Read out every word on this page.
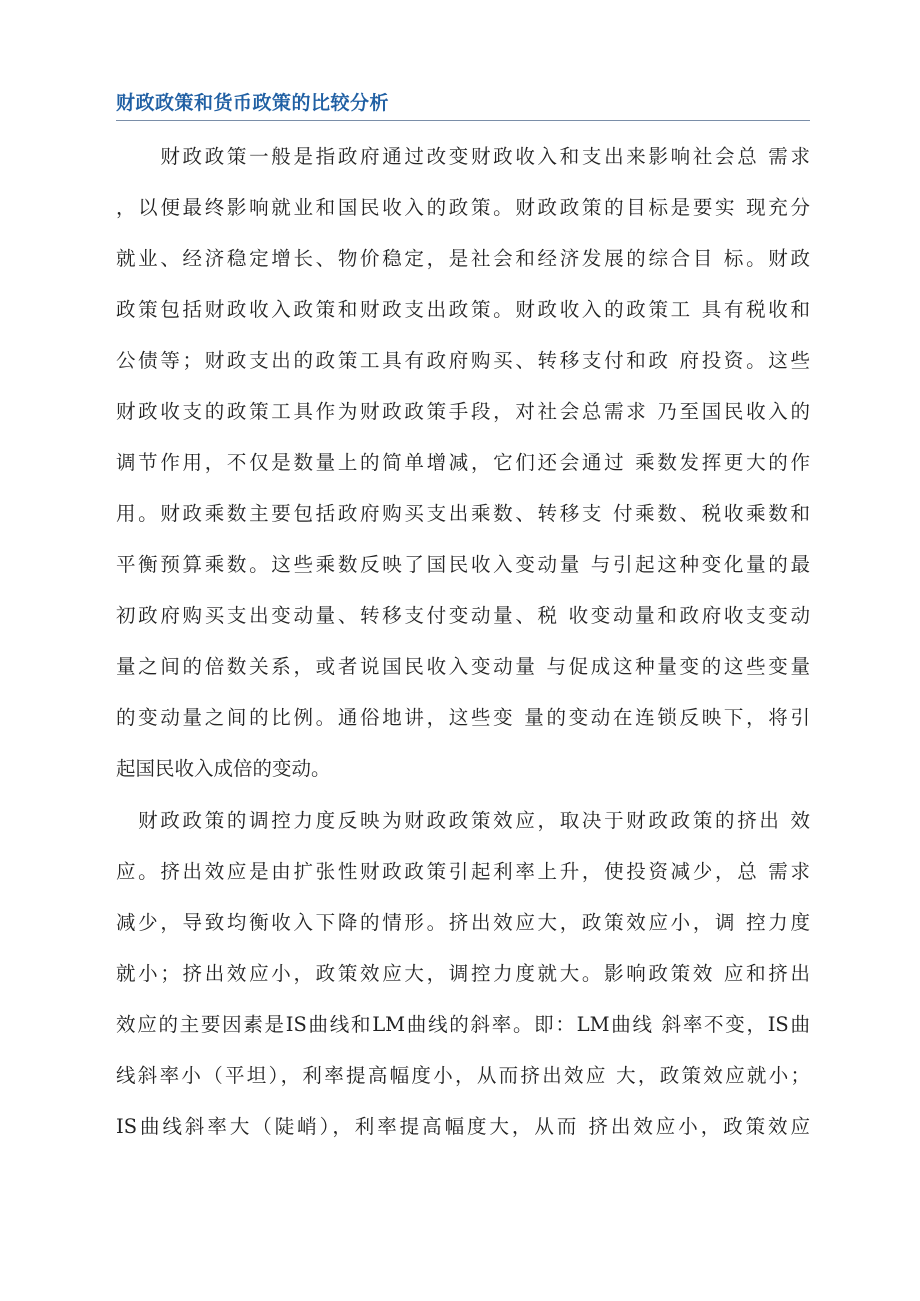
财政政策和货币政策的比较分析
　　财政政策一般是指政府通过改变财政收入和支出来影响社会总 需求
，以便最终影响就业和国民收入的政策。财政政策的目标是要实 现充分
就业、经济稳定增长、物价稳定，是社会和经济发展的综合目 标。财政
政策包括财政收入政策和财政支出政策。财政收入的政策工 具有税收和
公债等；财政支出的政策工具有政府购买、转移支付和政 府投资。这些
财政收支的政策工具作为财政政策手段，对社会总需求 乃至国民收入的
调节作用，不仅是数量上的简单增减，它们还会通过 乘数发挥更大的作
用。财政乘数主要包括政府购买支出乘数、转移支 付乘数、税收乘数和
平衡预算乘数。这些乘数反映了国民收入变动量 与引起这种变化量的最
初政府购买支出变动量、转移支付变动量、税 收变动量和政府收支变动
量之间的倍数关系，或者说国民收入变动量 与促成这种量变的这些变量
的变动量之间的比例。通俗地讲，这些变 量的变动在连锁反映下，将引
起国民收入成倍的变动。
　财政政策的调控力度反映为财政政策效应，取决于财政政策的挤出 效
应。挤出效应是由扩张性财政政策引起利率上升，使投资减少，总 需求
减少，导致均衡收入下降的情形。挤出效应大，政策效应小，调 控力度
就小；挤出效应小，政策效应大，调控力度就大。影响政策效 应和挤出
效应的主要因素是IS曲线和LM曲线的斜率。即：LM曲线 斜率不变，IS曲
线斜率小（平坦），利率提高幅度小，从而挤出效应 大，政策效应就小；
IS曲线斜率大（陡峭），利率提高幅度大，从而 挤出效应小，政策效应
